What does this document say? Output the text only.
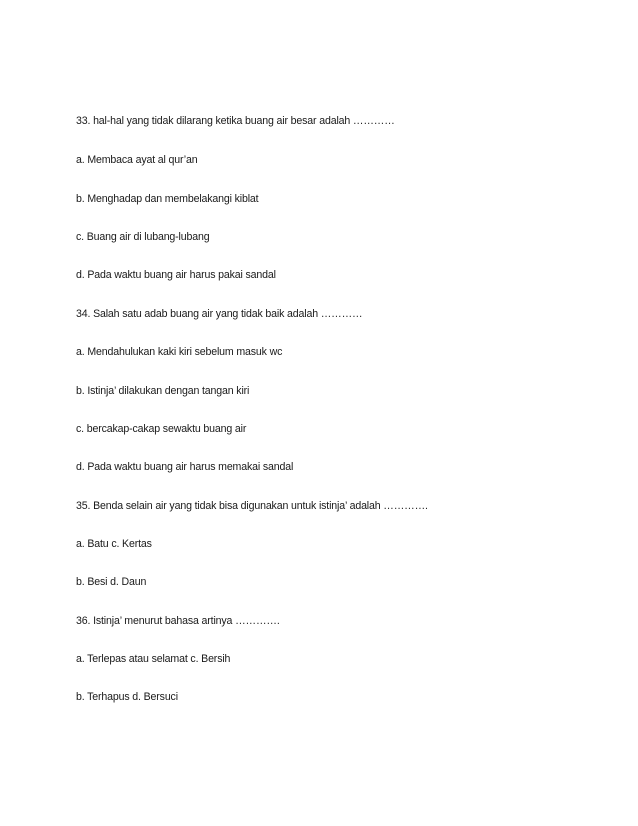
33. hal-hal yang tidak dilarang ketika buang air besar adalah …………
a. Membaca ayat al qur’an
b. Menghadap dan membelakangi kiblat
c. Buang air di lubang-lubang
d. Pada waktu buang air harus pakai sandal
34. Salah satu adab buang air yang tidak baik adalah …………
a. Mendahulukan kaki kiri sebelum masuk wc
b. Istinja’ dilakukan dengan tangan kiri
c. bercakap-cakap sewaktu buang air
d. Pada waktu buang air harus memakai sandal
35. Benda selain air yang tidak bisa digunakan untuk istinja’ adalah ………….
a. Batu c. Kertas
b. Besi d. Daun
36. Istinja’ menurut bahasa artinya ………….
a. Terlepas atau selamat c. Bersih
b. Terhapus d. Bersuci
